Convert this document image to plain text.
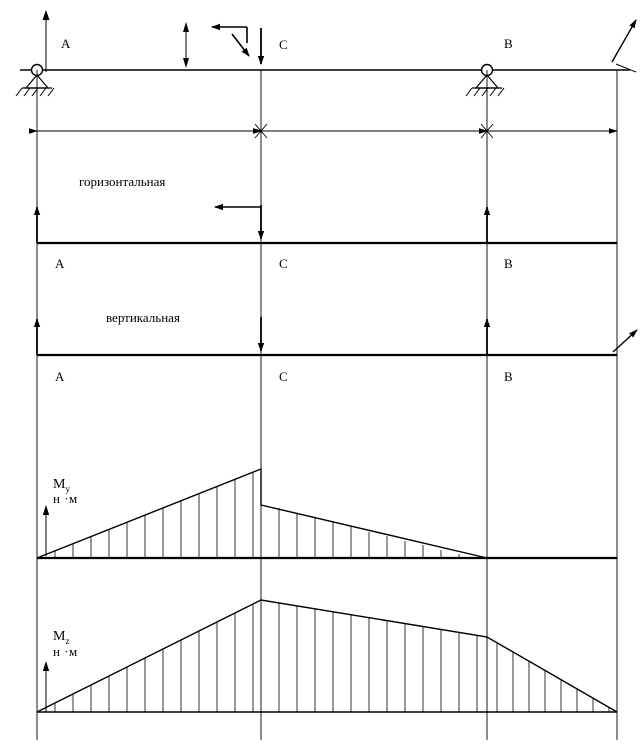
A	C	B
горизонтальная
A	C	B
вертикальная
A	C	B
$M_y$
н ·м
$M_z$
н ·м
